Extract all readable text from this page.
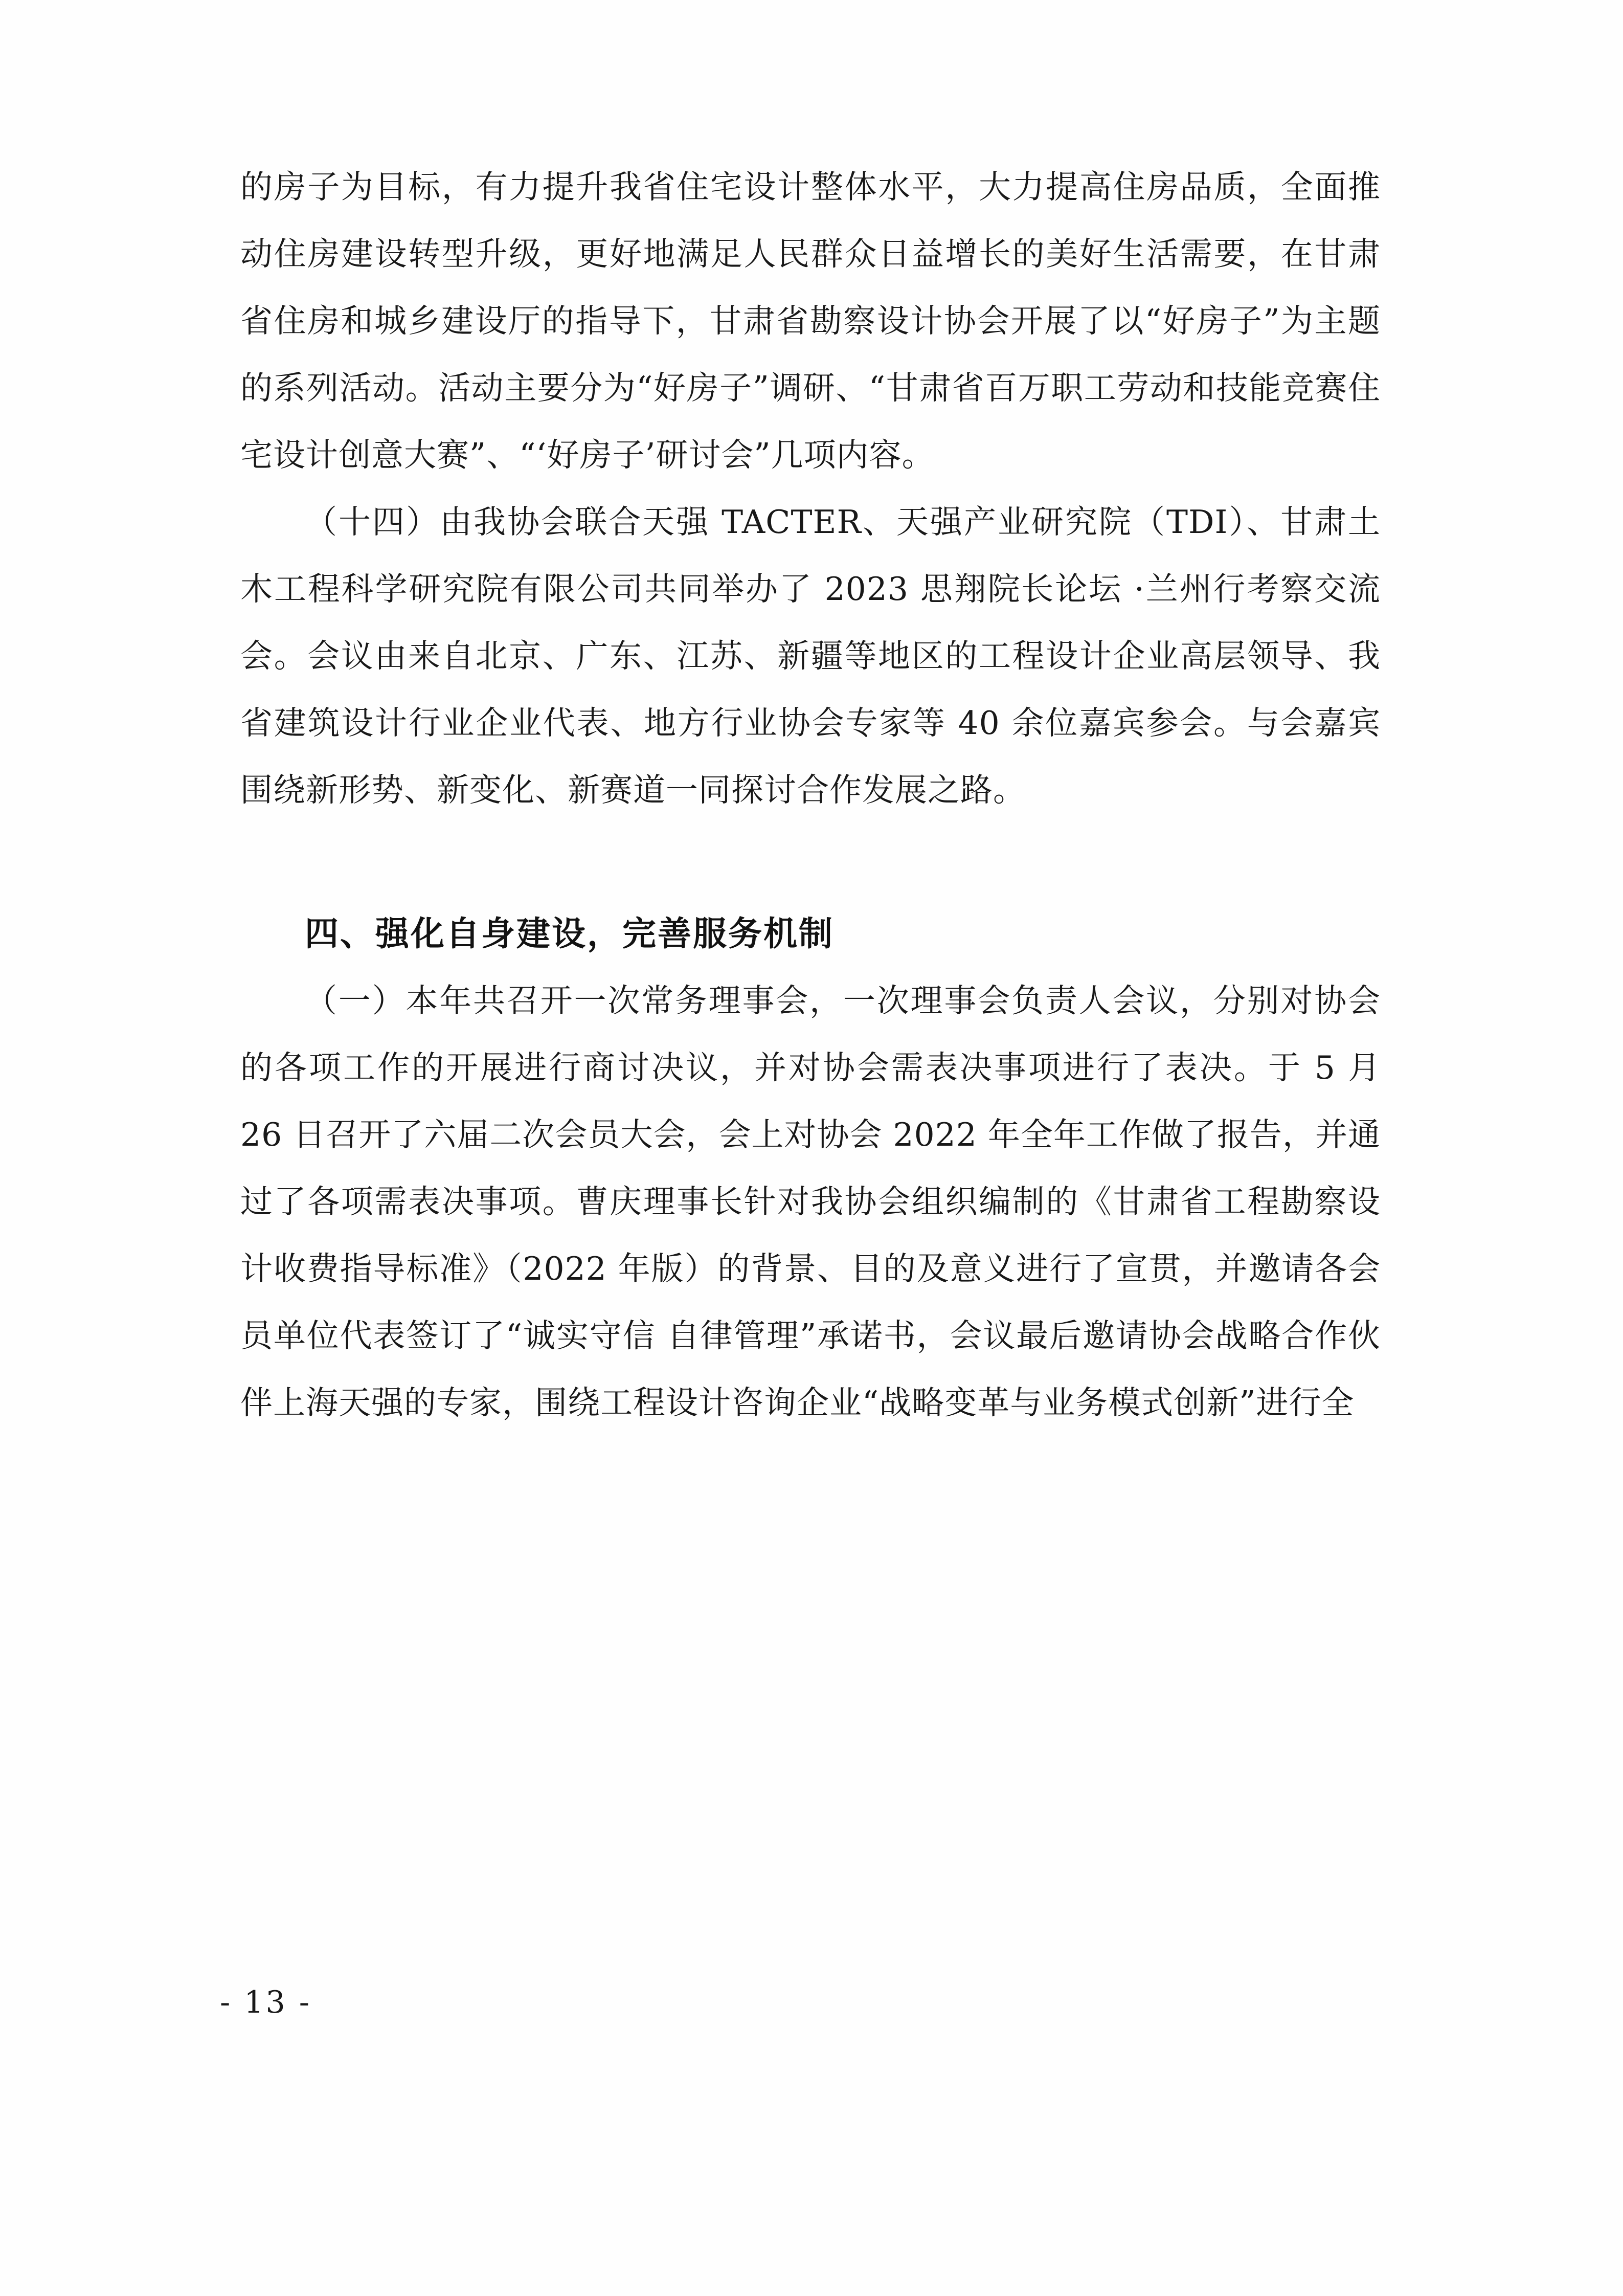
的房子为目标，有力提升我省住宅设计整体水平，大力提高住房品质，全面推动住房建设转型升级，更好地满足人民群众日益增长的美好生活需要，在甘肃省住房和城乡建设厅的指导下，甘肃省勘察设计协会开展了以“好房子”为主题的系列活动。活动主要分为“好房子”调研、“甘肃省百万职工劳动和技能竞赛住宅设计创意大赛”、“‘好房子’研讨会”几项内容。

（十四）由我协会联合天强 TACTER、天强产业研究院（TDI）、甘肃土木工程科学研究院有限公司共同举办了 2023 思翔院长论坛 ·兰州行考察交流会。会议由来自北京、广东、江苏、新疆等地区的工程设计企业高层领导、我省建筑设计行业企业代表、地方行业协会专家等 40 余位嘉宾参会。与会嘉宾围绕新形势、新变化、新赛道一同探讨合作发展之路。

四、强化自身建设，完善服务机制

（一）本年共召开一次常务理事会，一次理事会负责人会议，分别对协会的各项工作的开展进行商讨决议，并对协会需表决事项进行了表决。于 5 月 26 日召开了六届二次会员大会，会上对协会 2022 年全年工作做了报告，并通过了各项需表决事项。曹庆理事长针对我协会组织编制的《甘肃省工程勘察设计收费指导标准》（2022 年版）的背景、目的及意义进行了宣贯，并邀请各会员单位代表签订了“诚实守信 自律管理”承诺书，会议最后邀请协会战略合作伙伴上海天强的专家，围绕工程设计咨询企业“战略变革与业务模式创新”进行全

- 13 -
